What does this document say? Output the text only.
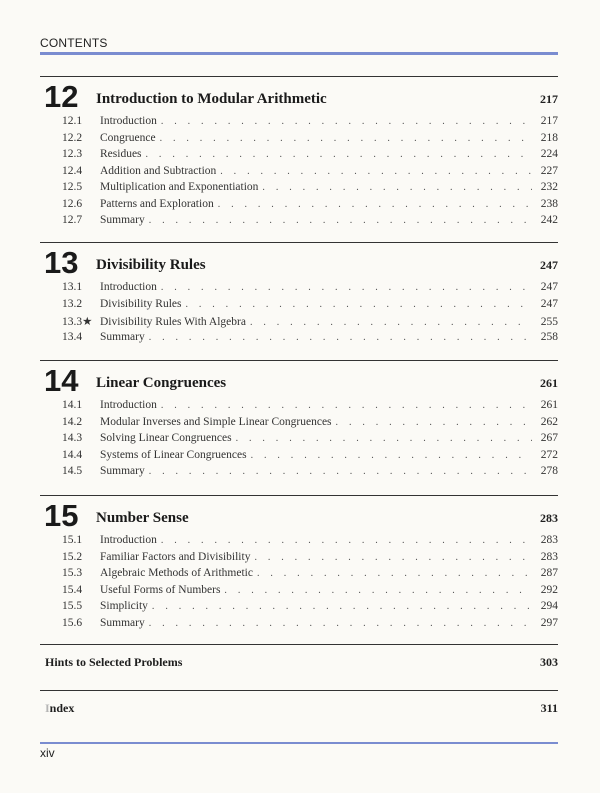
CONTENTS
12 Introduction to Modular Arithmetic	217
12.1	Introduction . . .	217
12.2	Congruence . . .	218
12.3	Residues . . .	224
12.4	Addition and Subtraction . . .	227
12.5	Multiplication and Exponentiation . . .	232
12.6	Patterns and Exploration . . .	238
12.7	Summary . . .	242
13 Divisibility Rules	247
13.1	Introduction . . .	247
13.2	Divisibility Rules . . .	247
13.3★ Divisibility Rules With Algebra . . .	255
13.4	Summary . . .	258
14 Linear Congruences	261
14.1	Introduction . . .	261
14.2	Modular Inverses and Simple Linear Congruences . . .	262
14.3	Solving Linear Congruences . . .	267
14.4	Systems of Linear Congruences . . .	272
14.5	Summary . . .	278
15 Number Sense	283
15.1	Introduction . . .	283
15.2	Familiar Factors and Divisibility . . .	283
15.3	Algebraic Methods of Arithmetic . . .	287
15.4	Useful Forms of Numbers . . .	292
15.5	Simplicity . . .	294
15.6	Summary . . .	297
Hints to Selected Problems	303
Index	311
xiv
